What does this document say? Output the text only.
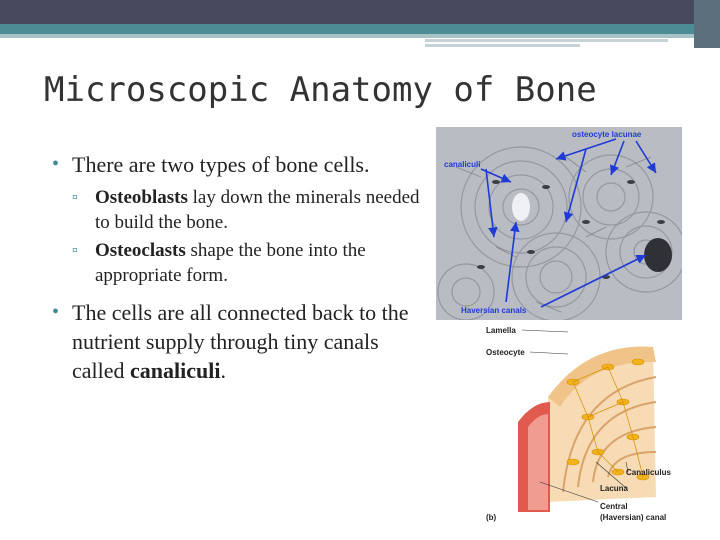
Microscopic Anatomy of Bone
• There are two types of bone cells.
▫ Osteoblasts lay down the minerals needed to build the bone.
▫ Osteoclasts shape the bone into the appropriate form.
• The cells are all connected back to the nutrient supply through tiny canals called canaliculi.
osteocyte lacunae
canaliculi
Haversian canals
Lamella
Osteocyte
Canaliculus
Lacuna
Central
(Haversian) canal
(b)
